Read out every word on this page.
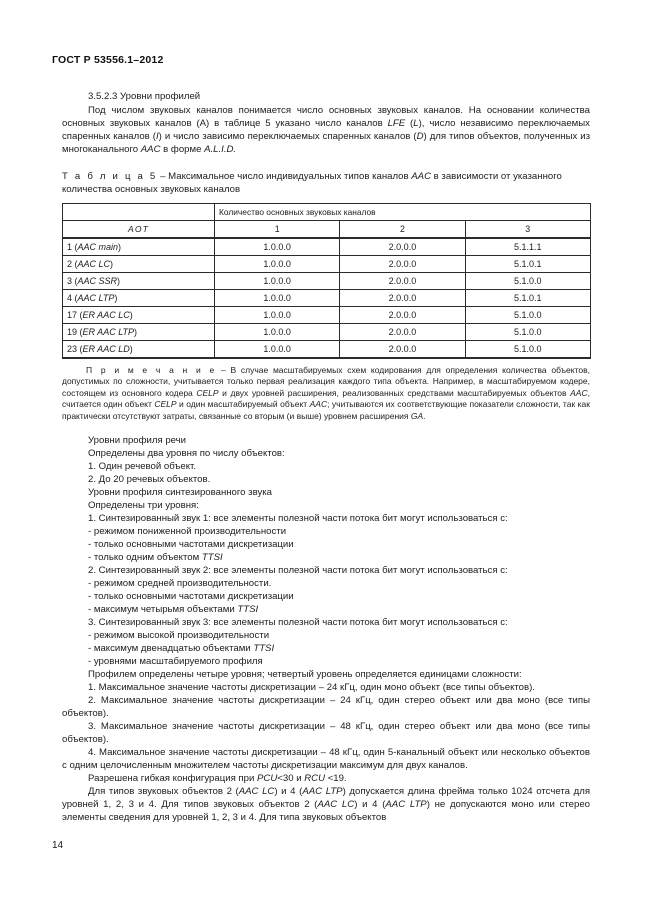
ГОСТ Р 53556.1–2012

3.5.2.3 Уровни профилей

Под числом звуковых каналов понимается число основных звуковых каналов. На основании количества основных звуковых каналов (A) в таблице 5 указано число каналов LFE (L), число независимо переключаемых спаренных каналов (I) и число зависимо переключаемых спаренных каналов (D) для типов объектов, полученных из многоканального AAC в форме A.L.I.D.

Т а б л и ц а 5 – Максимальное число индивидуальных типов каналов AAC в зависимости от указанного количества основных звуковых каналов

	Количество основных звуковых каналов		
AOT	1	2	3
1 (AAC main)	1.0.0.0	2.0.0.0	5.1.1.1
2 (AAC LC)	1.0.0.0	2.0.0.0	5.1.0.1
3 (AAC SSR)	1.0.0.0	2.0.0.0	5.1.0.0
4 (AAC LTP)	1.0.0.0	2.0.0.0	5.1.0.1
17 (ER AAC LC)	1.0.0.0	2.0.0.0	5.1.0.0
19 (ER AAC LTP)	1.0.0.0	2.0.0.0	5.1.0.0
23 (ER AAC LD)	1.0.0.0	2.0.0.0	5.1.0.0

П р и м е ч а н и е – В случае масштабируемых схем кодирования для определения количества объектов, допустимых по сложности, учитывается только первая реализация каждого типа объекта. Например, в масштабируемом кодере, состоящем из основного кодера CELP и двух уровней расширения, реализованных средствами масштабируемых объектов AAC, считается один объект CELP и один масштабируемый объект AAC; учитываются их соответствующие показатели сложности, так как практически отсутствуют затраты, связанные со вторым (и выше) уровнем расширения GA.

Уровни профиля речи

Определены два уровня по числу объектов:

1. Один речевой объект.

2. До 20 речевых объектов.

Уровни профиля синтезированного звука

Определены три уровня:

1. Синтезированный звук 1: все элементы полезной части потока бит могут использоваться с:

- режимом пониженной производительности

- только основными частотами дискретизации

- только одним объектом TTSI

2. Синтезированный звук 2: все элементы полезной части потока бит могут использоваться с:

- режимом средней производительности.

- только основными частотами дискретизации

- максимум четырьмя объектами TTSI

3. Синтезированный звук 3: все элементы полезной части потока бит могут использоваться с:

- режимом высокой производительности

- максимум двенадцатью объектами TTSI

- уровнями масштабируемого профиля

Профилем определены четыре уровня; четвертый уровень определяется единицами сложности:

1. Максимальное значение частоты дискретизации – 24 кГц, один моно объект (все типы объектов).

2. Максимальное значение частоты дискретизации – 24 кГц, один стерео объект или два моно (все типы объектов).

3. Максимальное значение частоты дискретизации – 48 кГц, один стерео объект или два моно (все типы объектов).

4. Максимальное значение частоты дискретизации – 48 кГц, один 5-канальный объект или несколько объектов с одним целочисленным множителем частоты дискретизации максимум для двух каналов.

Разрешена гибкая конфигурация при PCU<30 и RCU <19.

Для типов звуковых объектов 2 (AAC LC) и 4 (AAC LTP) допускается длина фрейма только 1024 отсчета для уровней 1, 2, 3 и 4. Для типов звуковых объектов 2 (AAC LC) и 4 (AAC LTP) не допускаются моно или стерео элементы сведения для уровней 1, 2, 3 и 4. Для типа звуковых объектов

14
